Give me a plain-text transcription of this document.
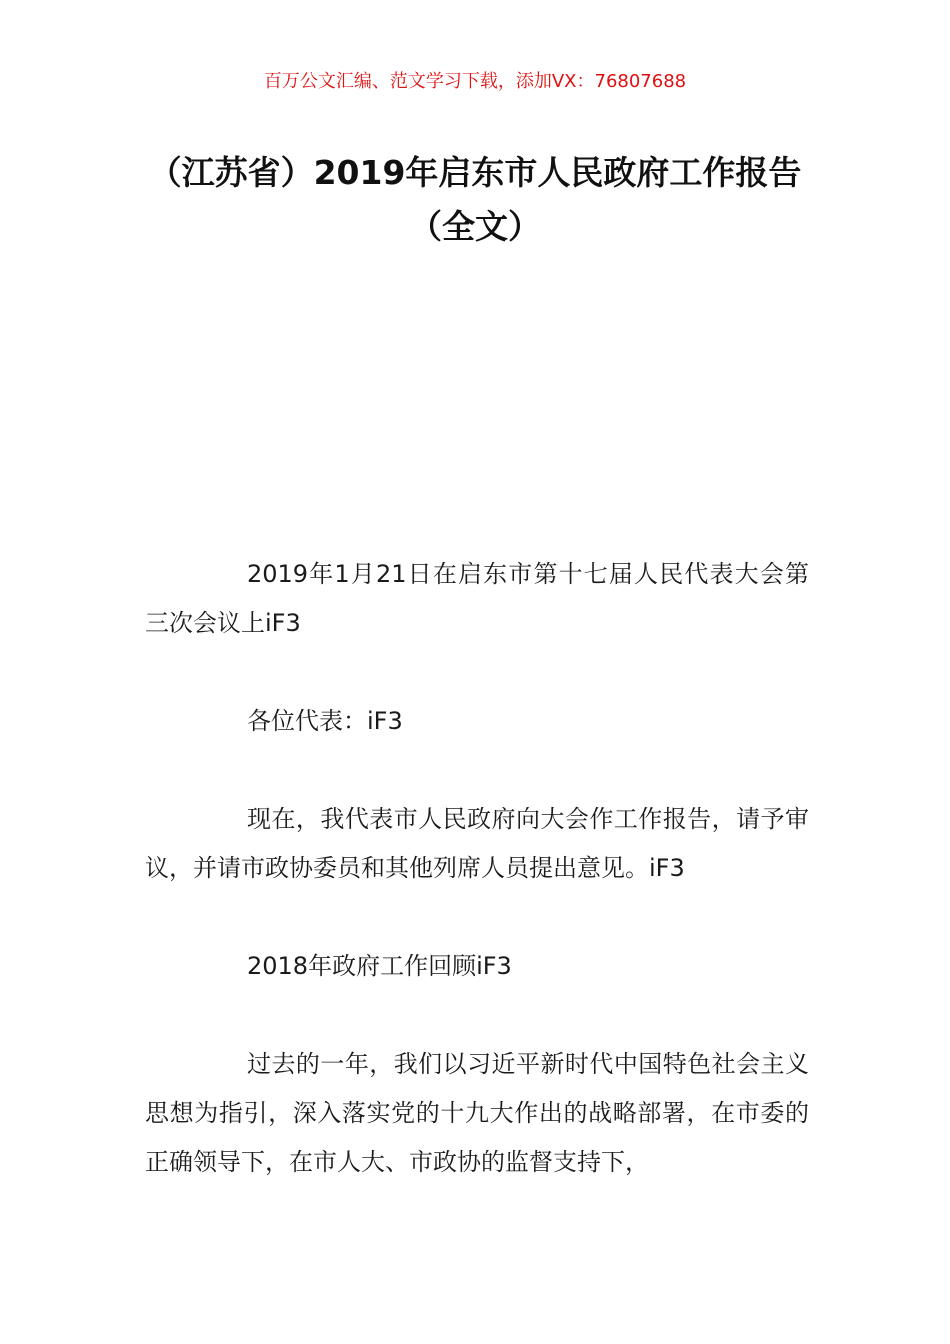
百万公文汇编、范文学习下载，添加VX：76807688
（江苏省）2019年启东市人民政府工作报告（全文）

2019年1月21日在启东市第十七届人民代表大会第三次会议上iF3

各位代表：iF3

现在，我代表市人民政府向大会作工作报告，请予审议，并请市政协委员和其他列席人员提出意见。iF3

2018年政府工作回顾iF3

过去的一年，我们以习近平新时代中国特色社会主义思想为指引，深入落实党的十九大作出的战略部署，在市委的正确领导下，在市人大、市政协的监督支持下，
